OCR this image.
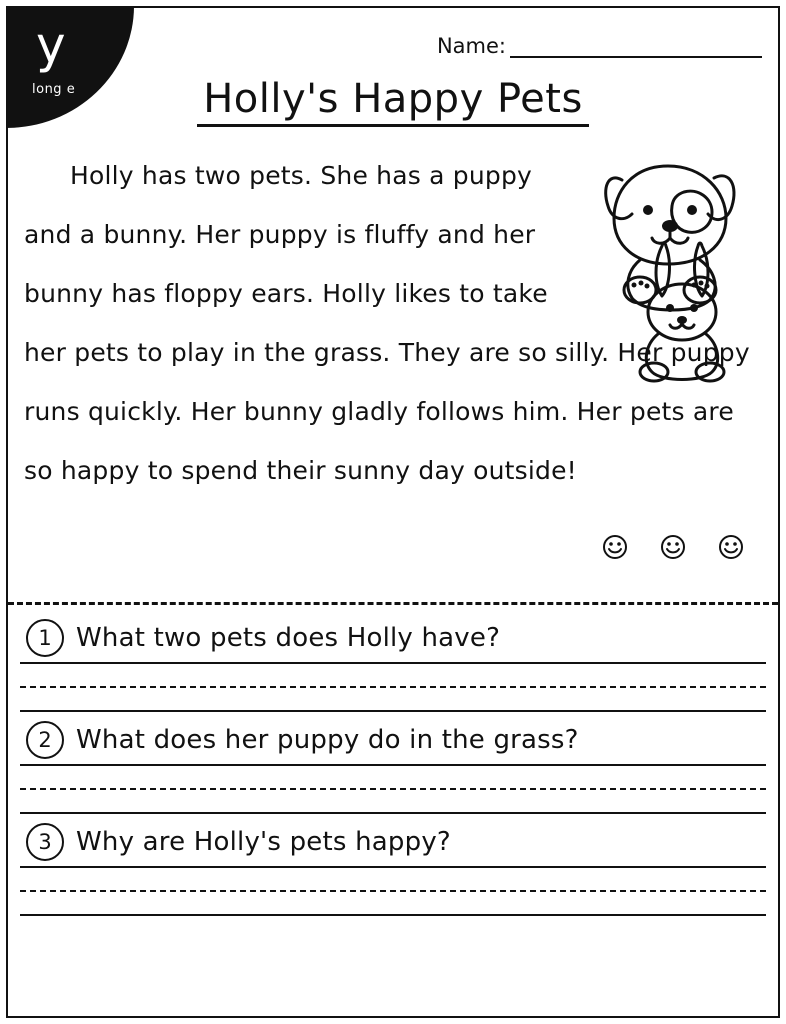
y
long e
Name:
Holly's Happy Pets

Holly has two pets. She has a puppy and a bunny. Her puppy is fluffy and her bunny has floppy ears. Holly likes to take her pets to play in the grass. They are so silly. Her puppy runs quickly. Her bunny gladly follows him. Her pets are so happy to spend their sunny day outside!

1 What two pets does Holly have?
2 What does her puppy do in the grass?
3 Why are Holly's pets happy?
